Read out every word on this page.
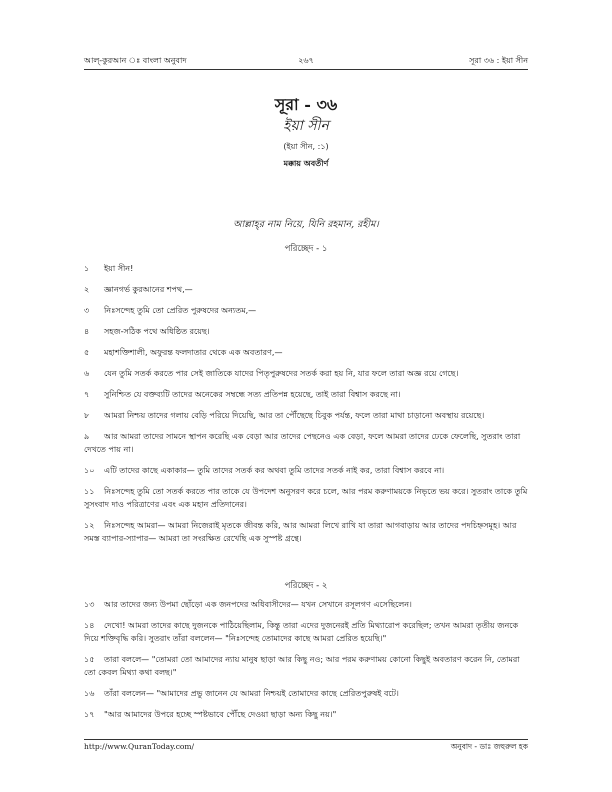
আল্-কুরআন ঃ বাংলা অনুবাদ	২৬৭	সূরা ৩৬ : ইয়া সীন
সূরা - ৩৬
ইয়া সীন
(ইয়া সীন, :১)
মক্কায় অবতীর্ণ
আল্লাহ্‌র নাম নিয়ে, যিনি রহমান, রহীম।
পরিচ্ছেদ - ১
১ ইয়া সীন!
২ জ্ঞানগর্ভ কুরআনের শপথ,—
৩ নিঃসন্দেহ তুমি তো প্রেরিত পুরুষদের অন্যতম,—
৪ সহজ-সঠিক পথে অধিষ্ঠিত রয়েছ।
৫ মহাশক্তিশালী, অফুরন্ত ফলদাতার থেকে এক অবতারণ,—
৬ যেন তুমি সতর্ক করতে পার সেই জাতিকে যাদের পিতৃপুরুষদের সতর্ক করা হয় নি, যার ফলে তারা অজ্ঞ রয়ে গেছে।
৭ সুনিশ্চিত যে বক্তব্যটি তাদের অনেকের সম্বন্ধে সত্য প্রতিপন্ন হয়েছে, তাই তারা বিশ্বাস করছে না।
৮ আমরা নিশ্চয় তাদের গলায় বেড়ি পরিয়ে দিয়েছি, আর তা পৌঁছেছে চিবুক পর্যন্ত, ফলে তারা মাথা চাড়ানো অবস্থায় রয়েছে।
৯ আর আমরা তাদের সামনে স্থাপন করেছি এক বেড়া আর তাদের পেছনেও এক বেড়া, ফলে আমরা তাদের ঢেকে ফেলেছি, সুতরাং তারা দেখতে পায় না।
১০ এটি তাদের কাছে একাকার— তুমি তাদের সতর্ক কর অথবা তুমি তাদের সতর্ক নাই কর, তারা বিশ্বাস করবে না।
১১ নিঃসন্দেহ তুমি তো সতর্ক করতে পার তাকে যে উপদেশ অনুসরণ করে চলে, আর পরম করুণাময়কে নিভৃতে ভয় করে। সুতরাং তাকে তুমি সুসংবাদ দাও পরিত্রাণের এবং এক মহান প্রতিদানের।
১২ নিঃসন্দেহ আমরা— আমরা নিজেরাই মৃতকে জীবন্ত করি, আর আমরা লিখে রাখি যা তারা আগবাড়ায় আর তাদের পদচিহ্নসমূহ। আর সমস্ত ব্যাপার-স্যাপার— আমরা তা সংরক্ষিত রেখেছি এক সুস্পষ্ট গ্রন্থে।
পরিচ্ছেদ - ২
১৩ আর তাদের জন্য উপমা ছোঁড়ো এক জনপদের অধিবাসীদের— যখন সেখানে রসূলগণ এসেছিলেন।
১৪ দেখো! আমরা তাদের কাছে দুজনকে পাঠিয়েছিলাম, কিন্তু তারা এদের দুজনেরই প্রতি মিথ্যারোপ করেছিল; তখন আমরা তৃতীয় জনকে দিয়ে শক্তিবৃদ্ধি করি। সুতরাং তাঁরা বললেন— "নিঃসন্দেহ তোমাদের কাছে আমরা প্রেরিত হয়েছি।"
১৫ তারা বললে— "তোমরা তো আমাদের ন্যায় মানুষ ছাড়া আর কিছু নও; আর পরম করুণাময় কোনো কিছুই অবতারণ করেন নি, তোমরা তো কেবল মিথ্যা কথা বলছ।"
১৬ তাঁরা বললেন— "আমাদের প্রভু জানেন যে আমরা নিশ্চয়ই তোমাদের কাছে প্রেরিতপুরুষই বটে।
১৭ "আর আমাদের উপরে হচ্ছে স্পষ্টভাবে পৌঁছে দেওয়া ছাড়া অন্য কিছু নয়।"
http://www.QuranToday.com/	অনুবাদ - ডাঃ জহুরুল হক
